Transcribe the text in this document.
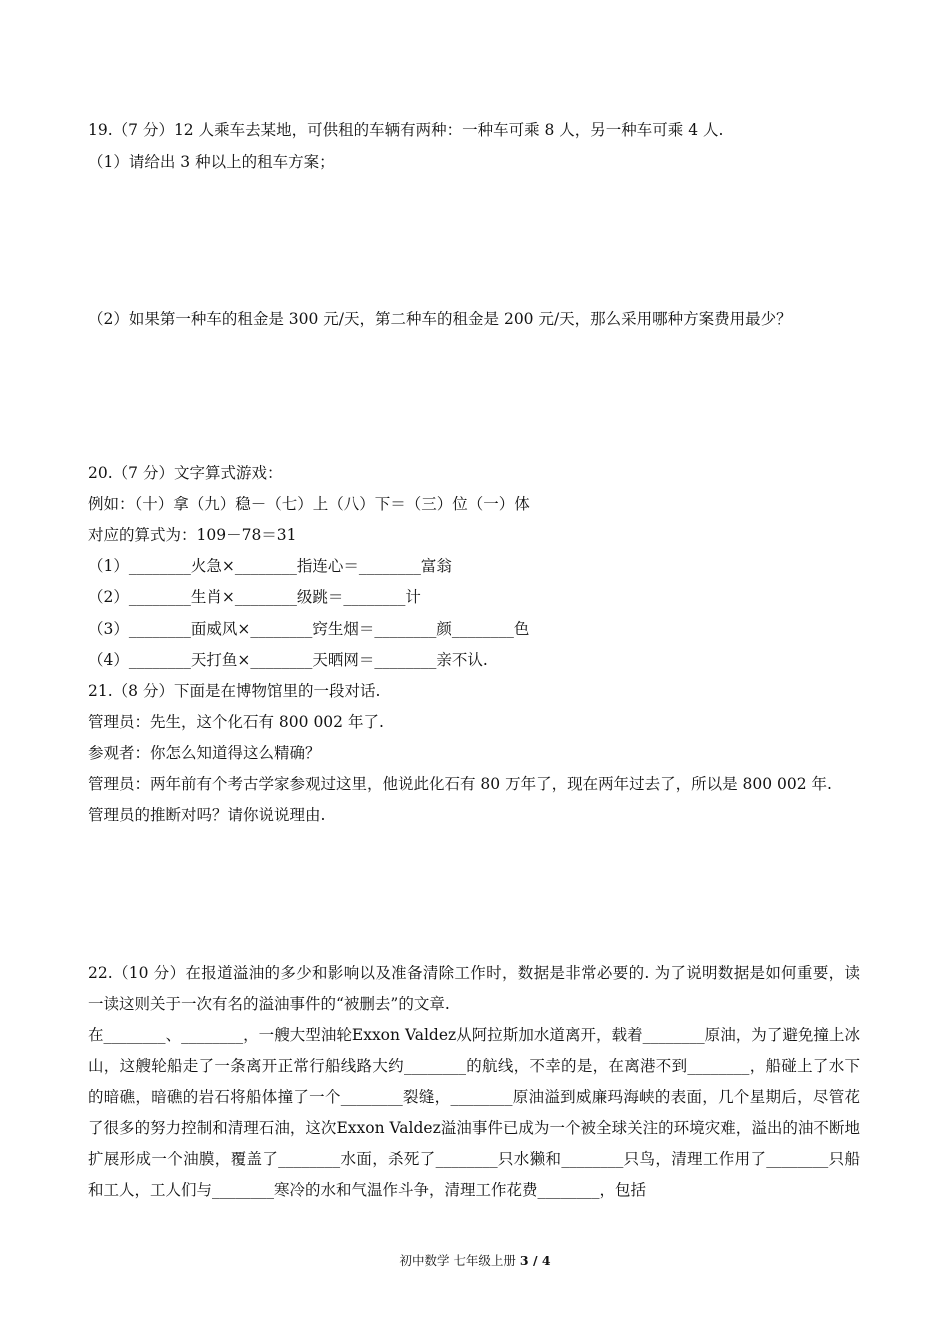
19.（7 分）12 人乘车去某地，可供租的车辆有两种：一种车可乘 8 人，另一种车可乘 4 人.
（1）请给出 3 种以上的租车方案；
（2）如果第一种车的租金是 300 元/天，第二种车的租金是 200 元/天，那么采用哪种方案费用最少？
20.（7 分）文字算式游戏：
例如：（十）拿（九）稳－（七）上（八）下＝（三）位（一）体
对应的算式为：109－78＝31
（1）________火急×________指连心＝________富翁
（2）________生肖×________级跳＝________计
（3）________面威风×________窍生烟＝________颜________色
（4）________天打鱼×________天晒网＝________亲不认.
21.（8 分）下面是在博物馆里的一段对话.
管理员：先生，这个化石有 800 002 年了.
参观者：你怎么知道得这么精确？
管理员：两年前有个考古学家参观过这里，他说此化石有 80 万年了，现在两年过去了，所以是 800 002 年.
管理员的推断对吗？请你说说理由.
22.（10 分）在报道溢油的多少和影响以及准备清除工作时，数据是非常必要的. 为了说明数据是如何重要，读一读这则关于一次有名的溢油事件的“被删去”的文章.
在________、________，一艘大型油轮Exxon Valdez从阿拉斯加水道离开，载着________原油，为了避免撞上冰山，这艘轮船走了一条离开正常行船线路大约________的航线，不幸的是，在离港不到________，船碰上了水下的暗礁，暗礁的岩石将船体撞了一个________裂缝，________原油溢到威廉玛海峡的表面，几个星期后，尽管花了很多的努力控制和清理石油，这次Exxon Valdez溢油事件已成为一个被全球关注的环境灾难，溢出的油不断地扩展形成一个油膜，覆盖了________水面，杀死了________只水獭和________只鸟，清理工作用了________只船和工人，工人们与________寒冷的水和气温作斗争，清理工作花费________，包括
初中数学 七年级上册 3 / 4
